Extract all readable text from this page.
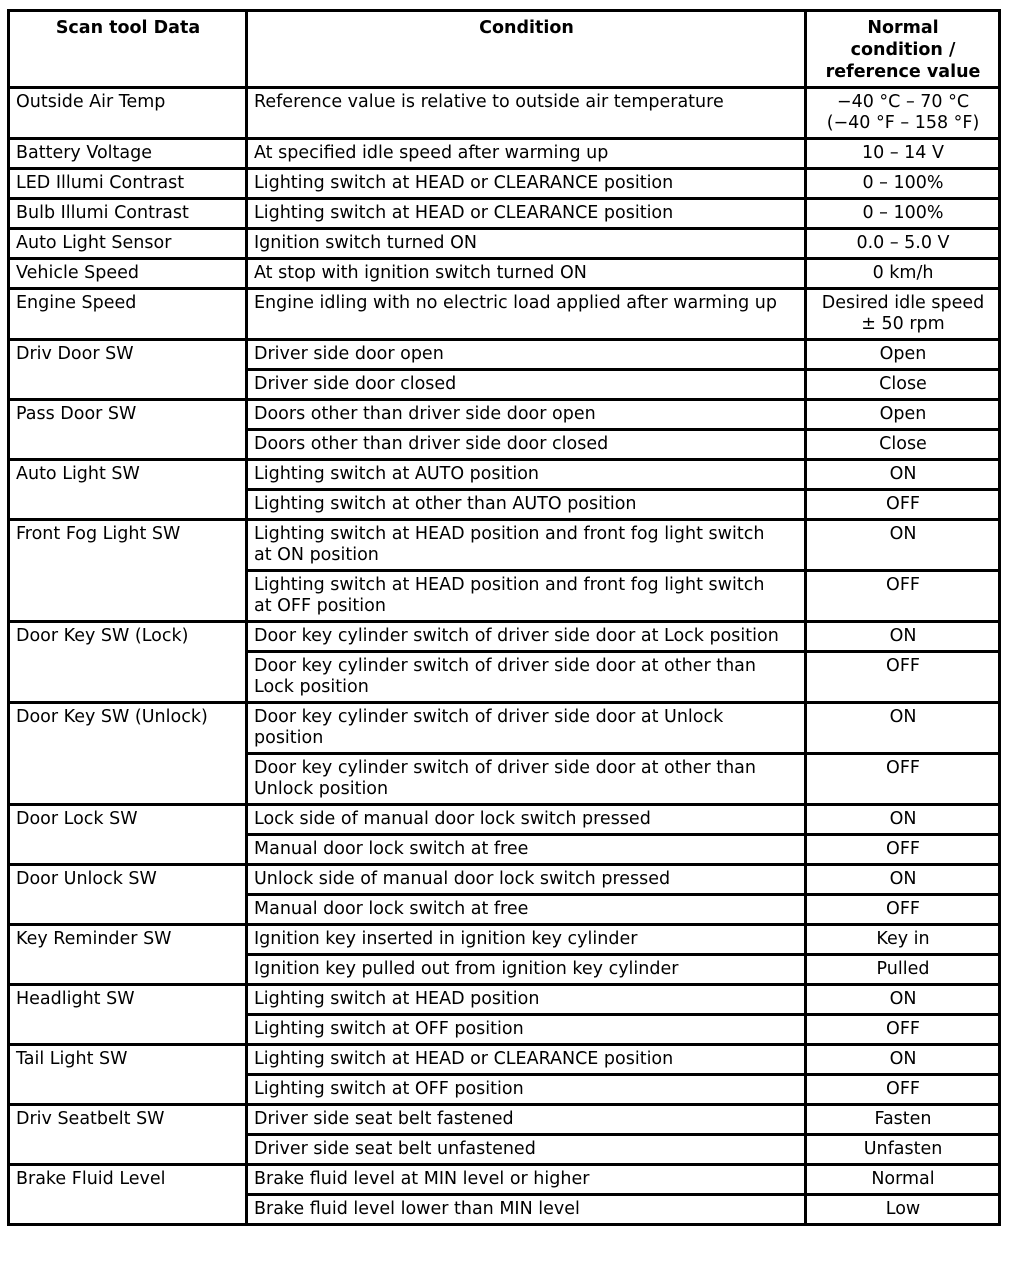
Scan tool Data	Condition	Normal
condition /
reference value
Outside Air Temp	Reference value is relative to outside air temperature	−40 °C – 70 °C
(−40 °F – 158 °F)
Battery Voltage	At specified idle speed after warming up	10 – 14 V
LED Illumi Contrast	Lighting switch at HEAD or CLEARANCE position	0 – 100%
Bulb Illumi Contrast	Lighting switch at HEAD or CLEARANCE position	0 – 100%
Auto Light Sensor	Ignition switch turned ON	0.0 – 5.0 V
Vehicle Speed	At stop with ignition switch turned ON	0 km/h
Engine Speed	Engine idling with no electric load applied after warming up	Desired idle speed
± 50 rpm
Driv Door SW	Driver side door open	Open
	Driver side door closed	Close
Pass Door SW	Doors other than driver side door open	Open
	Doors other than driver side door closed	Close
Auto Light SW	Lighting switch at AUTO position	ON
	Lighting switch at other than AUTO position	OFF
Front Fog Light SW	Lighting switch at HEAD position and front fog light switch
at ON position	ON
	Lighting switch at HEAD position and front fog light switch
at OFF position	OFF
Door Key SW (Lock)	Door key cylinder switch of driver side door at Lock position	ON
	Door key cylinder switch of driver side door at other than
Lock position	OFF
Door Key SW (Unlock)	Door key cylinder switch of driver side door at Unlock
position	ON
	Door key cylinder switch of driver side door at other than
Unlock position	OFF
Door Lock SW	Lock side of manual door lock switch pressed	ON
	Manual door lock switch at free	OFF
Door Unlock SW	Unlock side of manual door lock switch pressed	ON
	Manual door lock switch at free	OFF
Key Reminder SW	Ignition key inserted in ignition key cylinder	Key in
	Ignition key pulled out from ignition key cylinder	Pulled
Headlight SW	Lighting switch at HEAD position	ON
	Lighting switch at OFF position	OFF
Tail Light SW	Lighting switch at HEAD or CLEARANCE position	ON
	Lighting switch at OFF position	OFF
Driv Seatbelt SW	Driver side seat belt fastened	Fasten
	Driver side seat belt unfastened	Unfasten
Brake Fluid Level	Brake fluid level at MIN level or higher	Normal
	Brake fluid level lower than MIN level	Low
